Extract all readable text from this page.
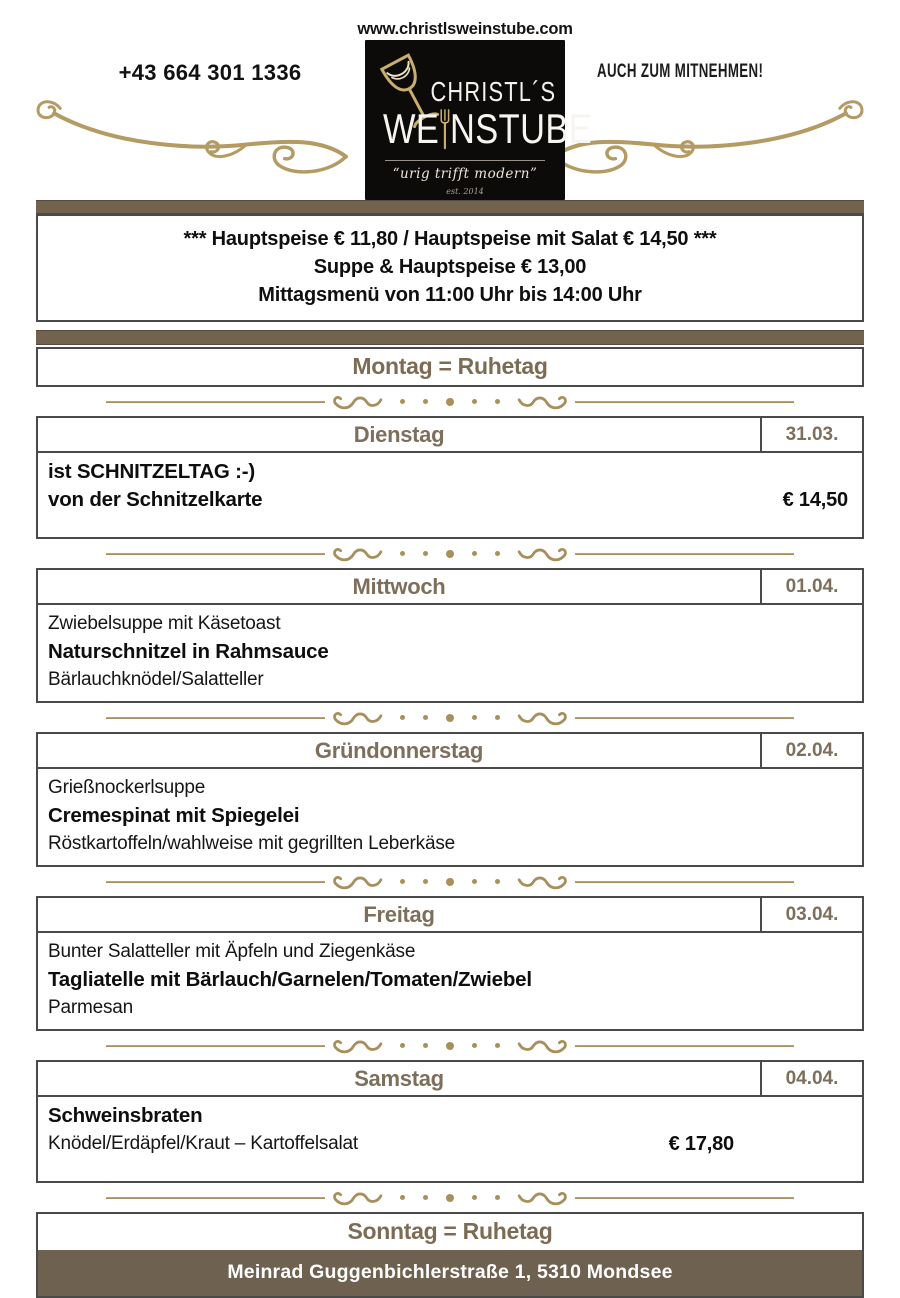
www.christlsweinstube.com
+43 664 301 1336	AUCH ZUM MITNEHMEN!
CHRISTL´S
WE NSTUBE
“urig trifft modern”
est. 2014
*** Hauptspeise € 11,80 / Hauptspeise mit Salat € 14,50 ***
Suppe & Hauptspeise € 13,00
Mittagsmenü von 11:00 Uhr bis 14:00 Uhr
Montag = Ruhetag
Dienstag	31.03.
ist SCHNITZELTAG :-)
von der Schnitzelkarte	€ 14,50
Mittwoch	01.04.
Zwiebelsuppe mit Käsetoast
Naturschnitzel in Rahmsauce
Bärlauchknödel/Salatteller
Gründonnerstag	02.04.
Grießnockerlsuppe
Cremespinat mit Spiegelei
Röstkartoffeln/wahlweise mit gegrillten Leberkäse
Freitag	03.04.
Bunter Salatteller mit Äpfeln und Ziegenkäse
Tagliatelle mit Bärlauch/Garnelen/Tomaten/Zwiebel
Parmesan
Samstag	04.04.
Schweinsbraten
Knödel/Erdäpfel/Kraut – Kartoffelsalat	€ 17,80
Sonntag = Ruhetag
Meinrad Guggenbichlerstraße 1, 5310 Mondsee
